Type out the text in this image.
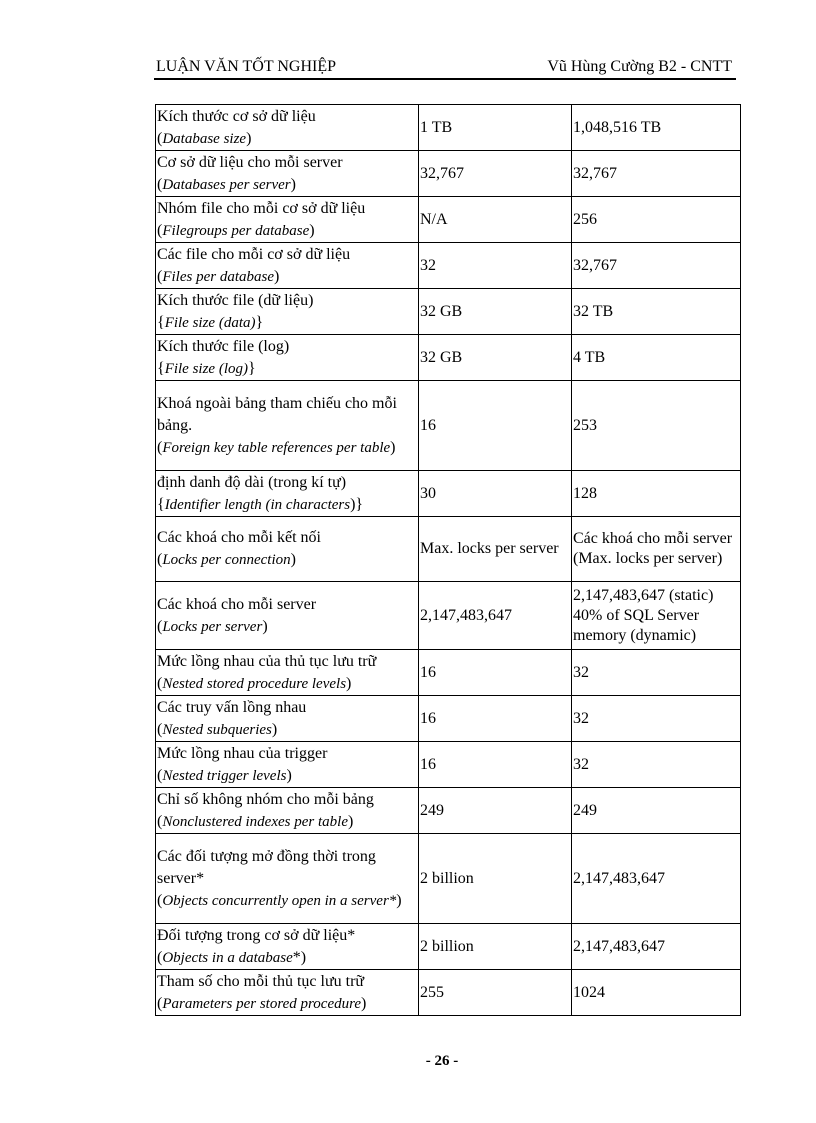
LUẬN VĂN TỐT NGHIỆP	Vũ Hùng Cường B2 - CNTT
Kích thước cơ sở dữ liệu
(Database size)	1 TB	1,048,516 TB
Cơ sở dữ liệu cho mỗi server
(Databases per server)	32,767	32,767
Nhóm file cho mỗi cơ sở dữ liệu
(Filegroups per database)	N/A	256
Các file cho mỗi cơ sở dữ liệu
(Files per database)	32	32,767
Kích thước file (dữ liệu)
{File size (data)}	32 GB	32 TB
Kích thước file (log)
{File size (log)}	32 GB	4 TB
Khoá ngoài bảng tham chiếu cho mỗi bảng.
(Foreign key table references per table)	16	253
định danh độ dài (trong kí tự)
{Identifier length (in characters)}	30	128
Các khoá cho mỗi kết nối
(Locks per connection)	Max. locks per server	Các khoá cho mỗi server (Max. locks per server)
Các khoá cho mỗi server
(Locks per server)	2,147,483,647	2,147,483,647 (static) 40% of SQL Server memory (dynamic)
Mức lồng nhau của thủ tục lưu trữ
(Nested stored procedure levels)	16	32
Các truy vấn lồng nhau
(Nested subqueries)	16	32
Mức lồng nhau của trigger
(Nested trigger levels)	16	32
Chỉ số không nhóm cho mỗi bảng
(Nonclustered indexes per table)	249	249
Các đối tượng mở đồng thời trong server*
(Objects concurrently open in a server*)	2 billion	2,147,483,647
Đối tượng trong cơ sở dữ liệu*
(Objects in a database*)	2 billion	2,147,483,647
Tham số cho mỗi thủ tục lưu trữ
(Parameters per stored procedure)	255	1024
- 26 -
